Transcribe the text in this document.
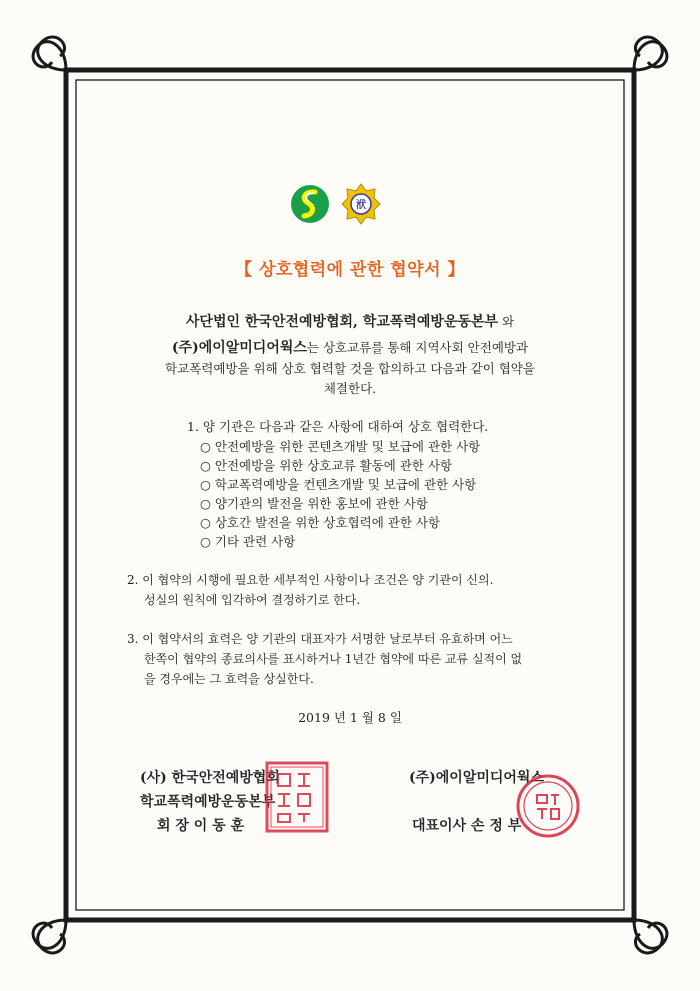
洑
【 상호협력에 관한 협약서 】
사단법인 한국안전예방협회, 학교폭력예방운동본부 와
(주)에이알미디어웍스는 상호교류를 통해 지역사회 안전예방과
학교폭력예방을 위해 상호 협력할 것을 합의하고 다음과 같이 협약을
체결한다.
1. 양 기관은 다음과 같은 사항에 대하여 상호 협력한다.
○ 안전예방을 위한 콘텐츠개발 및 보급에 관한 사항
○ 안전예방을 위한 상호교류 활동에 관한 사항
○ 학교폭력예방을 컨텐츠개발 및 보급에 관한 사항
○ 양기관의 발전을 위한 홍보에 관한 사항
○ 상호간 발전을 위한 상호협력에 관한 사항
○ 기타 관련 사항
2. 이 협약의 시행에 필요한 세부적인 사항이나 조건은 양 기관이 신의.
성실의 원칙에 입각하여 결정하기로 한다.
3. 이 협약서의 효력은 양 기관의 대표자가 서명한 날로부터 유효하며 어느
한쪽이 협약의 종료의사를 표시하거나 1년간 협약에 따른 교류 실적이 없
을 경우에는 그 효력을 상실한다.
2019 년 1 월 8 일
(사) 한국안전예방협회
학교폭력예방운동본부
회 장 이 동 훈
(주)에이알미디어웍스
대표이사 손 정 부
